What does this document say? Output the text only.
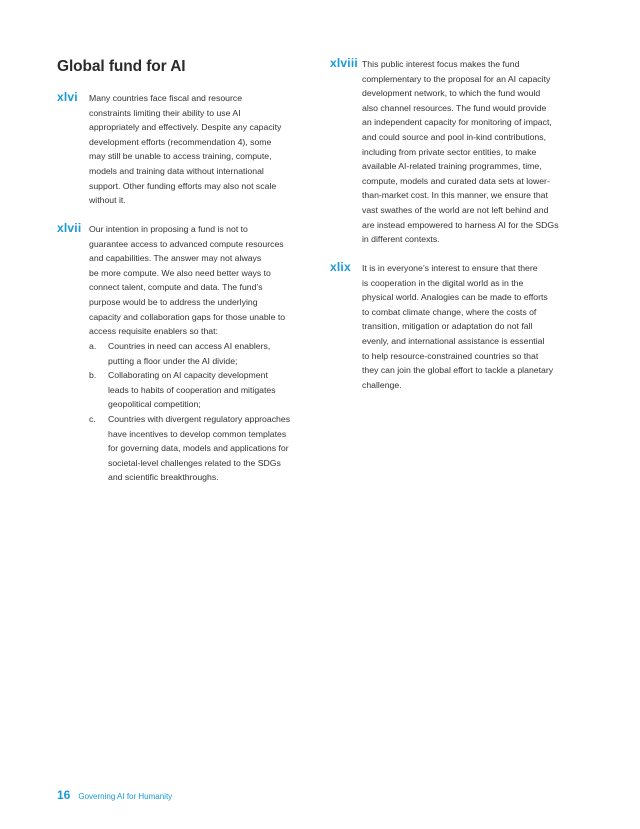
Global fund for AI
xlvi Many countries face fiscal and resource
constraints limiting their ability to use AI
appropriately and effectively. Despite any capacity
development efforts (recommendation 4), some
may still be unable to access training, compute,
models and training data without international
support. Other funding efforts may also not scale
without it.
xlvii Our intention in proposing a fund is not to
guarantee access to advanced compute resources
and capabilities. The answer may not always
be more compute. We also need better ways to
connect talent, compute and data. The fund’s
purpose would be to address the underlying
capacity and collaboration gaps for those unable to
access requisite enablers so that:
a. Countries in need can access AI enablers,
putting a floor under the AI divide;
b. Collaborating on AI capacity development
leads to habits of cooperation and mitigates
geopolitical competition;
c. Countries with divergent regulatory approaches
have incentives to develop common templates
for governing data, models and applications for
societal-level challenges related to the SDGs
and scientific breakthroughs.
xlviii This public interest focus makes the fund
complementary to the proposal for an AI capacity
development network, to which the fund would
also channel resources. The fund would provide
an independent capacity for monitoring of impact,
and could source and pool in-kind contributions,
including from private sector entities, to make
available AI-related training programmes, time,
compute, models and curated data sets at lower-
than-market cost. In this manner, we ensure that
vast swathes of the world are not left behind and
are instead empowered to harness AI for the SDGs
in different contexts.
xlix It is in everyone’s interest to ensure that there
is cooperation in the digital world as in the
physical world. Analogies can be made to efforts
to combat climate change, where the costs of
transition, mitigation or adaptation do not fall
evenly, and international assistance is essential
to help resource-constrained countries so that
they can join the global effort to tackle a planetary
challenge.
16 Governing AI for Humanity
